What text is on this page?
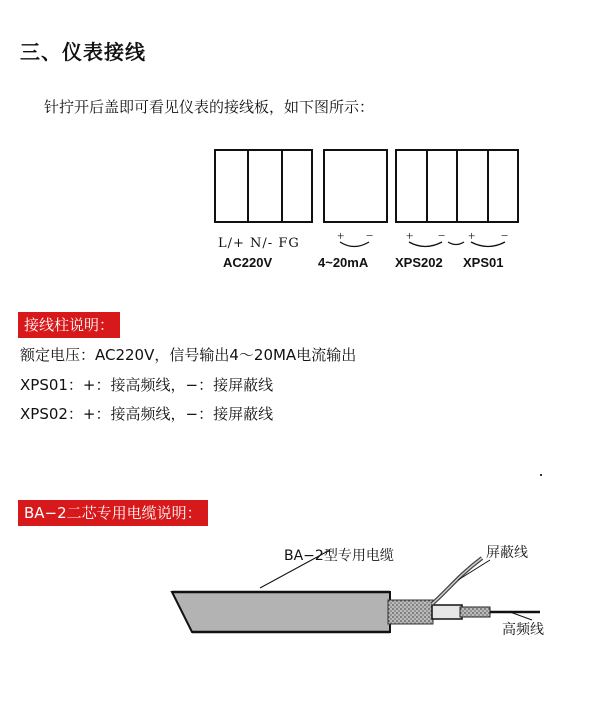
三、仪表接线
针拧开后盖即可看见仪表的接线板，如下图所示：
+ −	+ − + −
L/+ N/- FG
AC220V	4~20mA XPS202 XPS01
接线柱说明：
额定电压：AC220V，信号输出4～20MA电流输出
XPS01：+：接高频线，−：接屏蔽线
XPS02：+：接高频线，−：接屏蔽线
BA−2二芯专用电缆说明：
BA−2型专用电缆	屏蔽线
高频线
